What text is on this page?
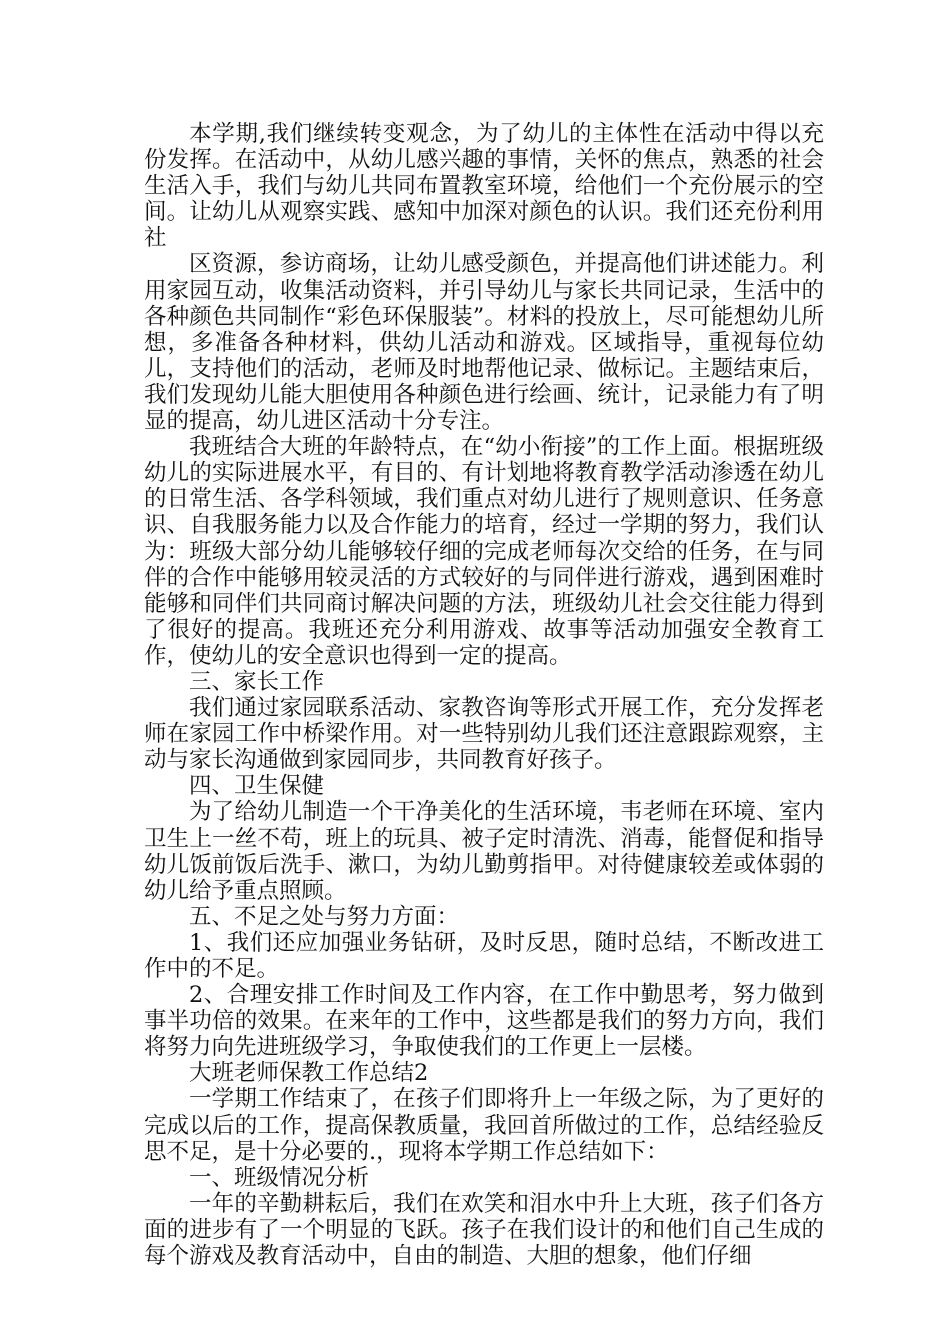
本学期,我们继续转变观念，为了幼儿的主体性在活动中得以充份发挥。在活动中，从幼儿感兴趣的事情，关怀的焦点，熟悉的社会生活入手，我们与幼儿共同布置教室环境，给他们一个充份展示的空间。让幼儿从观察实践、感知中加深对颜色的认识。我们还充份利用社

区资源，参访商场，让幼儿感受颜色，并提高他们讲述能力。利用家园互动，收集活动资料，并引导幼儿与家长共同记录，生活中的各种颜色共同制作“彩色环保服装”。材料的投放上，尽可能想幼儿所想，多准备各种材料，供幼儿活动和游戏。区域指导，重视每位幼儿，支持他们的活动，老师及时地帮他记录、做标记。主题结束后，我们发现幼儿能大胆使用各种颜色进行绘画、统计，记录能力有了明显的提高，幼儿进区活动十分专注。

我班结合大班的年龄特点，在“幼小衔接”的工作上面。根据班级幼儿的实际进展水平，有目的、有计划地将教育教学活动渗透在幼儿的日常生活、各学科领域，我们重点对幼儿进行了规则意识、任务意识、自我服务能力以及合作能力的培育，经过一学期的努力，我们认为：班级大部分幼儿能够较仔细的完成老师每次交给的任务，在与同伴的合作中能够用较灵活的方式较好的与同伴进行游戏，遇到困难时能够和同伴们共同商讨解决问题的方法，班级幼儿社会交往能力得到了很好的提高。我班还充分利用游戏、故事等活动加强安全教育工作，使幼儿的安全意识也得到一定的提高。

三、家长工作

我们通过家园联系活动、家教咨询等形式开展工作，充分发挥老师在家园工作中桥梁作用。对一些特别幼儿我们还注意跟踪观察，主动与家长沟通做到家园同步，共同教育好孩子。

四、卫生保健

为了给幼儿制造一个干净美化的生活环境，韦老师在环境、室内卫生上一丝不苟，班上的玩具、被子定时清洗、消毒，能督促和指导幼儿饭前饭后洗手、漱口，为幼儿勤剪指甲。对待健康较差或体弱的幼儿给予重点照顾。

五、不足之处与努力方面：

1、我们还应加强业务钻研，及时反思，随时总结，不断改进工作中的不足。

2、合理安排工作时间及工作内容，在工作中勤思考，努力做到事半功倍的效果。在来年的工作中，这些都是我们的努力方向，我们将努力向先进班级学习，争取使我们的工作更上一层楼。

大班老师保教工作总结2

一学期工作结束了，在孩子们即将升上一年级之际，为了更好的完成以后的工作，提高保教质量，我回首所做过的工作，总结经验反思不足，是十分必要的.，现将本学期工作总结如下：

一、班级情况分析

一年的辛勤耕耘后，我们在欢笑和泪水中升上大班，孩子们各方面的进步有了一个明显的飞跃。孩子在我们设计的和他们自己生成的每个游戏及教育活动中，自由的制造、大胆的想象，他们仔细
